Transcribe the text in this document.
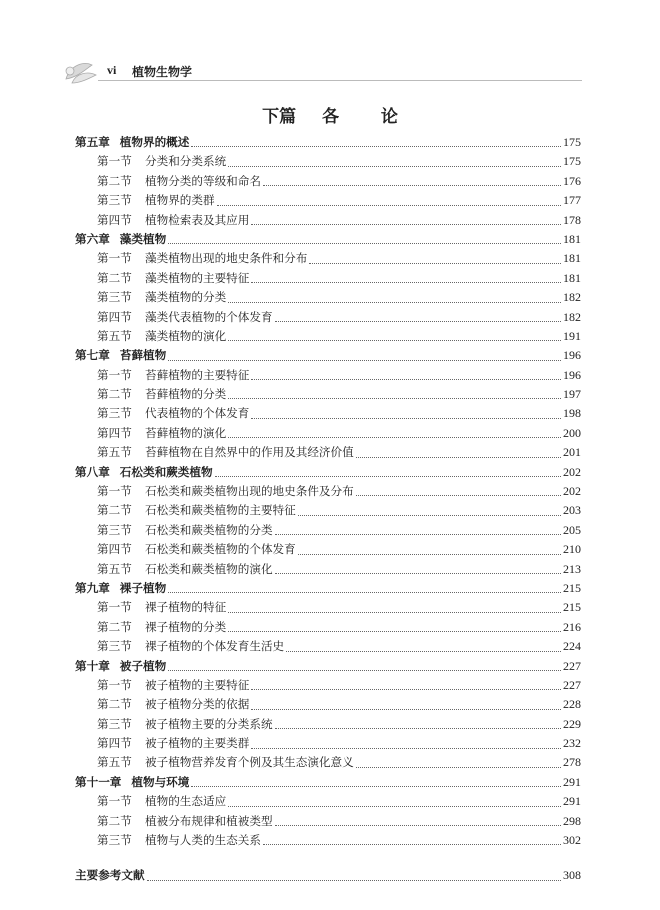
vi 植物生物学
下篇 各 论
第五章 植物界的概述	175
第一节 分类和分类系统	175
第二节 植物分类的等级和命名	176
第三节 植物界的类群	177
第四节 植物检索表及其应用	178
第六章 藻类植物	181
第一节 藻类植物出现的地史条件和分布	181
第二节 藻类植物的主要特征	181
第三节 藻类植物的分类	182
第四节 藻类代表植物的个体发育	182
第五节 藻类植物的演化	191
第七章 苔藓植物	196
第一节 苔藓植物的主要特征	196
第二节 苔藓植物的分类	197
第三节 代表植物的个体发育	198
第四节 苔藓植物的演化	200
第五节 苔藓植物在自然界中的作用及其经济价值	201
第八章 石松类和蕨类植物	202
第一节 石松类和蕨类植物出现的地史条件及分布	202
第二节 石松类和蕨类植物的主要特征	203
第三节 石松类和蕨类植物的分类	205
第四节 石松类和蕨类植物的个体发育	210
第五节 石松类和蕨类植物的演化	213
第九章 裸子植物	215
第一节 裸子植物的特征	215
第二节 裸子植物的分类	216
第三节 裸子植物的个体发育生活史	224
第十章 被子植物	227
第一节 被子植物的主要特征	227
第二节 被子植物分类的依据	228
第三节 被子植物主要的分类系统	229
第四节 被子植物的主要类群	232
第五节 被子植物营养发育个例及其生态演化意义	278
第十一章 植物与环境	291
第一节 植物的生态适应	291
第二节 植被分布规律和植被类型	298
第三节 植物与人类的生态关系	302
主要参考文献	308
